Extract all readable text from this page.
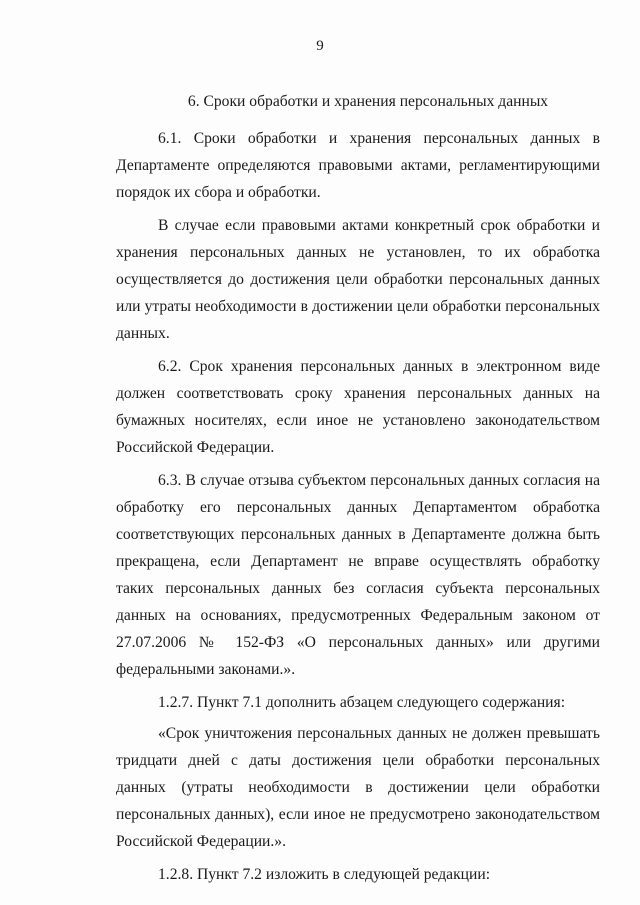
9
6. Сроки обработки и хранения персональных данных

6.1. Сроки обработки и хранения персональных данных в Департаменте определяются правовыми актами, регламентирующими порядок их сбора и обработки.

В случае если правовыми актами конкретный срок обработки и хранения персональных данных не установлен, то их обработка осуществляется до достижения цели обработки персональных данных или утраты необходимости в достижении цели обработки персональных данных.

6.2. Срок хранения персональных данных в электронном виде должен соответствовать сроку хранения персональных данных на бумажных носителях, если иное не установлено законодательством Российской Федерации.

6.3. В случае отзыва субъектом персональных данных согласия на обработку его персональных данных Департаментом обработка соответствующих персональных данных в Департаменте должна быть прекращена, если Департамент не вправе осуществлять обработку таких персональных данных без согласия субъекта персональных данных на основаниях, предусмотренных Федеральным законом от 27.07.2006 № 152-ФЗ «О персональных данных» или другими федеральными законами.».

1.2.7. Пункт 7.1 дополнить абзацем следующего содержания:

«Срок уничтожения персональных данных не должен превышать тридцати дней с даты достижения цели обработки персональных данных (утраты необходимости в достижении цели обработки персональных данных), если иное не предусмотрено законодательством Российской Федерации.».

1.2.8. Пункт 7.2 изложить в следующей редакции:
